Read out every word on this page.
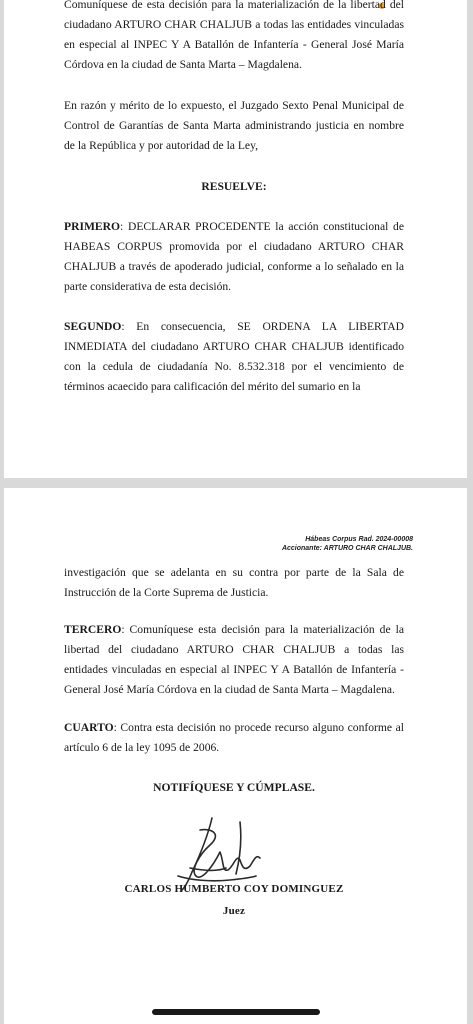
Comuníquese de esta decisión para la materialización de la libertad del ciudadano ARTURO CHAR CHALJUB a todas las entidades vinculadas en especial al INPEC Y A Batallón de Infantería - General José María Córdova en la ciudad de Santa Marta – Magdalena.
En razón y mérito de lo expuesto, el Juzgado Sexto Penal Municipal de Control de Garantías de Santa Marta administrando justicia en nombre de la República y por autoridad de la Ley,
RESUELVE:
PRIMERO: DECLARAR PROCEDENTE la acción constitucional de HABEAS CORPUS promovida por el ciudadano ARTURO CHAR CHALJUB a través de apoderado judicial, conforme a lo señalado en la parte considerativa de esta decisión.
SEGUNDO: En consecuencia, SE ORDENA LA LIBERTAD INMEDIATA del ciudadano ARTURO CHAR CHALJUB identificado con la cedula de ciudadanía No. 8.532.318 por el vencimiento de términos acaecido para calificación del mérito del sumario en la
Hábeas Corpus Rad. 2024-00008
Accionante: ARTURO CHAR CHALJUB.
investigación que se adelanta en su contra por parte de la Sala de Instrucción de la Corte Suprema de Justicia.
TERCERO: Comuníquese esta decisión para la materialización de la libertad del ciudadano ARTURO CHAR CHALJUB a todas las entidades vinculadas en especial al INPEC Y A Batallón de Infantería - General José María Córdova en la ciudad de Santa Marta – Magdalena.
CUARTO: Contra esta decisión no procede recurso alguno conforme al artículo 6 de la ley 1095 de 2006.
NOTIFÍQUESE Y CÚMPLASE.
CARLOS HUMBERTO COY DOMINGUEZ
Juez
